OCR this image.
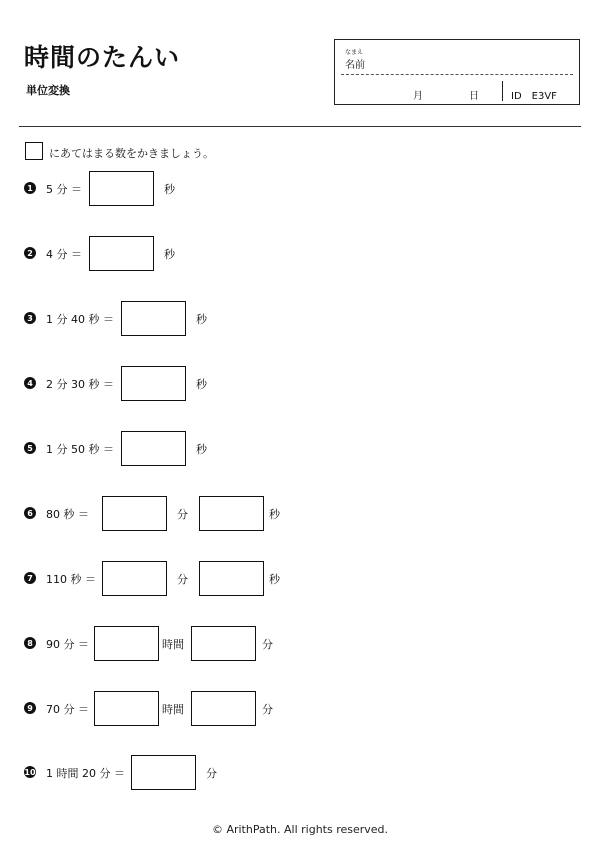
時間のたんい
単位変換
なまえ
名前
月	日	ID　E3VF
にあてはまる数をかきましょう。
1 5 分 ＝	秒
2 4 分 ＝	秒
3 1 分 40 秒 ＝	秒
4 2 分 30 秒 ＝	秒
5 1 分 50 秒 ＝	秒
6 80 秒 ＝	分	秒
7 110 秒 ＝	分	秒
8 90 分 ＝	時間	分
9 70 分 ＝	時間	分
10 1 時間 20 分 ＝	分
© ArithPath. All rights reserved.
